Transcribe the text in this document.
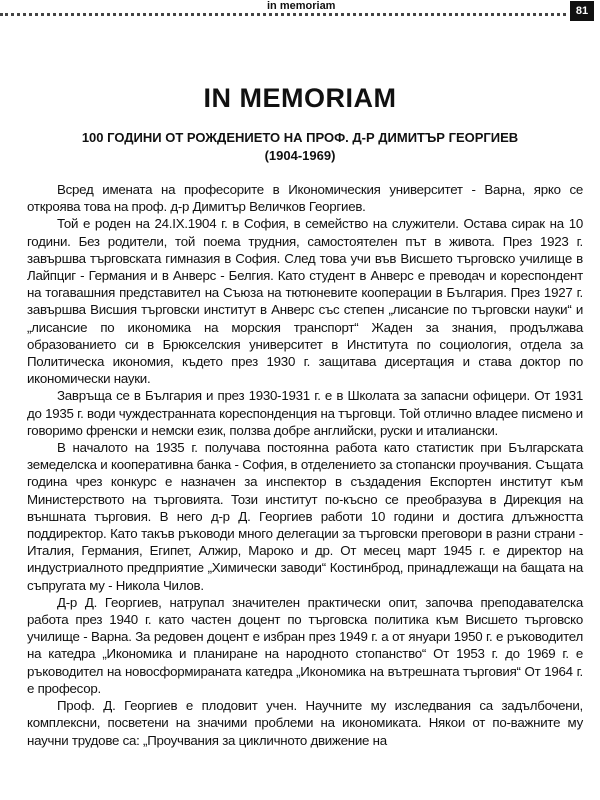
in memoriam	81
IN MEMORIAM
100 ГОДИНИ ОТ РОЖДЕНИЕТО НА ПРОФ. Д-Р ДИМИТЪР ГЕОРГИЕВ
(1904-1969)

Всред имената на професорите в Икономическия университет - Варна, ярко се откроява това на проф. д-р Димитър Величков Георгиев.

Той е роден на 24.IX.1904 г. в София, в семейство на служители. Остава сирак на 10 години. Без родители, той поема трудния, самостоятелен път в живота. През 1923 г. завършва търговската гимназия в София. След това учи във Висшето търговско училище в Лайпциг - Германия и в Анверс - Белгия. Като студент в Анверс е преводач и кореспондент на тогавашния представител на Съюза на тютюневите кооперации в България. През 1927 г. завършва Висшия търговски институт в Анверс със степен „лисансие по търговски науки“ и „лисансие по икономика на морския транспорт“ Жаден за знания, продължава образованието си в Брюкселския университет в Института по социология, отдела за Политическа икономия, където през 1930 г. защитава дисертация и става доктор по икономически науки.

Завръща се в България и през 1930-1931 г. е в Школата за запасни офицери. От 1931 до 1935 г. води чуждестранната кореспонденция на търговци. Той отлично владее писмено и говоримо френски и немски език, ползва добре английски, руски и италиански.

В началото на 1935 г. получава постоянна работа като статистик при Българската земеделска и кооперативна банка - София, в отделението за стопански проучвания. Същата година чрез конкурс е назначен за инспектор в създадения Експортен институт към Министерството на търговията. Този институт по-късно се преобразува в Дирекция на външната търговия. В него д-р Д. Георгиев работи 10 години и достига длъжността поддиректор. Като такъв ръководи много делегации за търговски преговори в разни страни - Италия, Германия, Египет, Алжир, Мароко и др. От месец март 1945 г. е директор на индустриалното предприятие „Химически заводи“ Костинброд, принадлежащи на бащата на съпругата му - Никола Чилов.

Д-р Д. Георгиев, натрупал значителен практически опит, започва преподавателска работа през 1940 г. като частен доцент по търговска политика към Висшето търговско училище - Варна. За редовен доцент е избран през 1949 г. а от януари 1950 г. е ръководител на катедра „Икономика и планиране на народното стопанство“ От 1953 г. до 1969 г. е ръководител на новосформираната катедра „Икономика на вътрешната търговия“ От 1964 г. е професор.

Проф. Д. Георгиев е плодовит учен. Научните му изследвания са задълбочени, комплексни, посветени на значими проблеми на икономиката. Някои от по-важните му научни трудове са: „Проучвания за цикличното движение на
